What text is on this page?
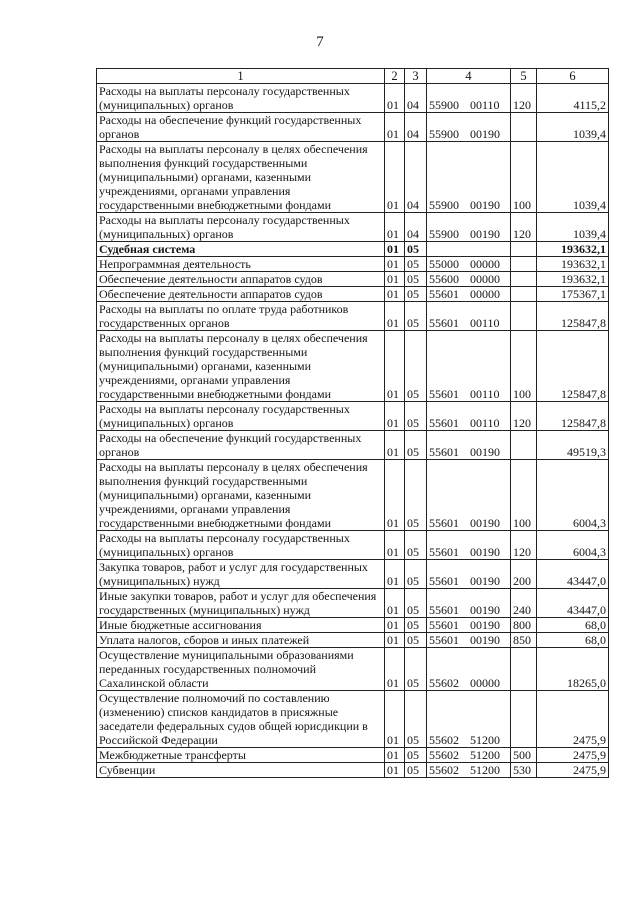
7
1	2	3	4	5	6
Расходы на выплаты персоналу государственных (муниципальных) органов	01	04	55900 00110	120	4115,2
Расходы на обеспечение функций государственных органов	01	04	55900 00190		1039,4
Расходы на выплаты персоналу в целях обеспечения выполнения функций государственными (муниципальными) органами, казенными учреждениями, органами управления государственными внебюджетными фондами	01	04	55900 00190	100	1039,4
Расходы на выплаты персоналу государственных (муниципальных) органов	01	04	55900 00190	120	1039,4
Судебная система	01	05			193632,1
Непрограммная деятельность	01	05	55000 00000		193632,1
Обеспечение деятельности аппаратов судов	01	05	55600 00000		193632,1
Обеспечение деятельности аппаратов судов	01	05	55601 00000		175367,1
Расходы на выплаты по оплате труда работников государственных органов	01	05	55601 00110		125847,8
Расходы на выплаты персоналу в целях обеспечения выполнения функций государственными (муниципальными) органами, казенными учреждениями, органами управления государственными внебюджетными фондами	01	05	55601 00110	100	125847,8
Расходы на выплаты персоналу государственных (муниципальных) органов	01	05	55601 00110	120	125847,8
Расходы на обеспечение функций государственных органов	01	05	55601 00190		49519,3
Расходы на выплаты персоналу в целях обеспечения выполнения функций государственными (муниципальными) органами, казенными учреждениями, органами управления государственными внебюджетными фондами	01	05	55601 00190	100	6004,3
Расходы на выплаты персоналу государственных (муниципальных) органов	01	05	55601 00190	120	6004,3
Закупка товаров, работ и услуг для государственных (муниципальных) нужд	01	05	55601 00190	200	43447,0
Иные закупки товаров, работ и услуг для обеспечения государственных (муниципальных) нужд	01	05	55601 00190	240	43447,0
Иные бюджетные ассигнования	01	05	55601 00190	800	68,0
Уплата налогов, сборов и иных платежей	01	05	55601 00190	850	68,0
Осуществление муниципальными образованиями переданных государственных полномочий Сахалинской области	01	05	55602 00000		18265,0
Осуществление полномочий по составлению (изменению) списков кандидатов в присяжные заседатели федеральных судов общей юрисдикции в Российской Федерации	01	05	55602 51200		2475,9
Межбюджетные трансферты	01	05	55602 51200	500	2475,9
Субвенции	01	05	55602 51200	530	2475,9
